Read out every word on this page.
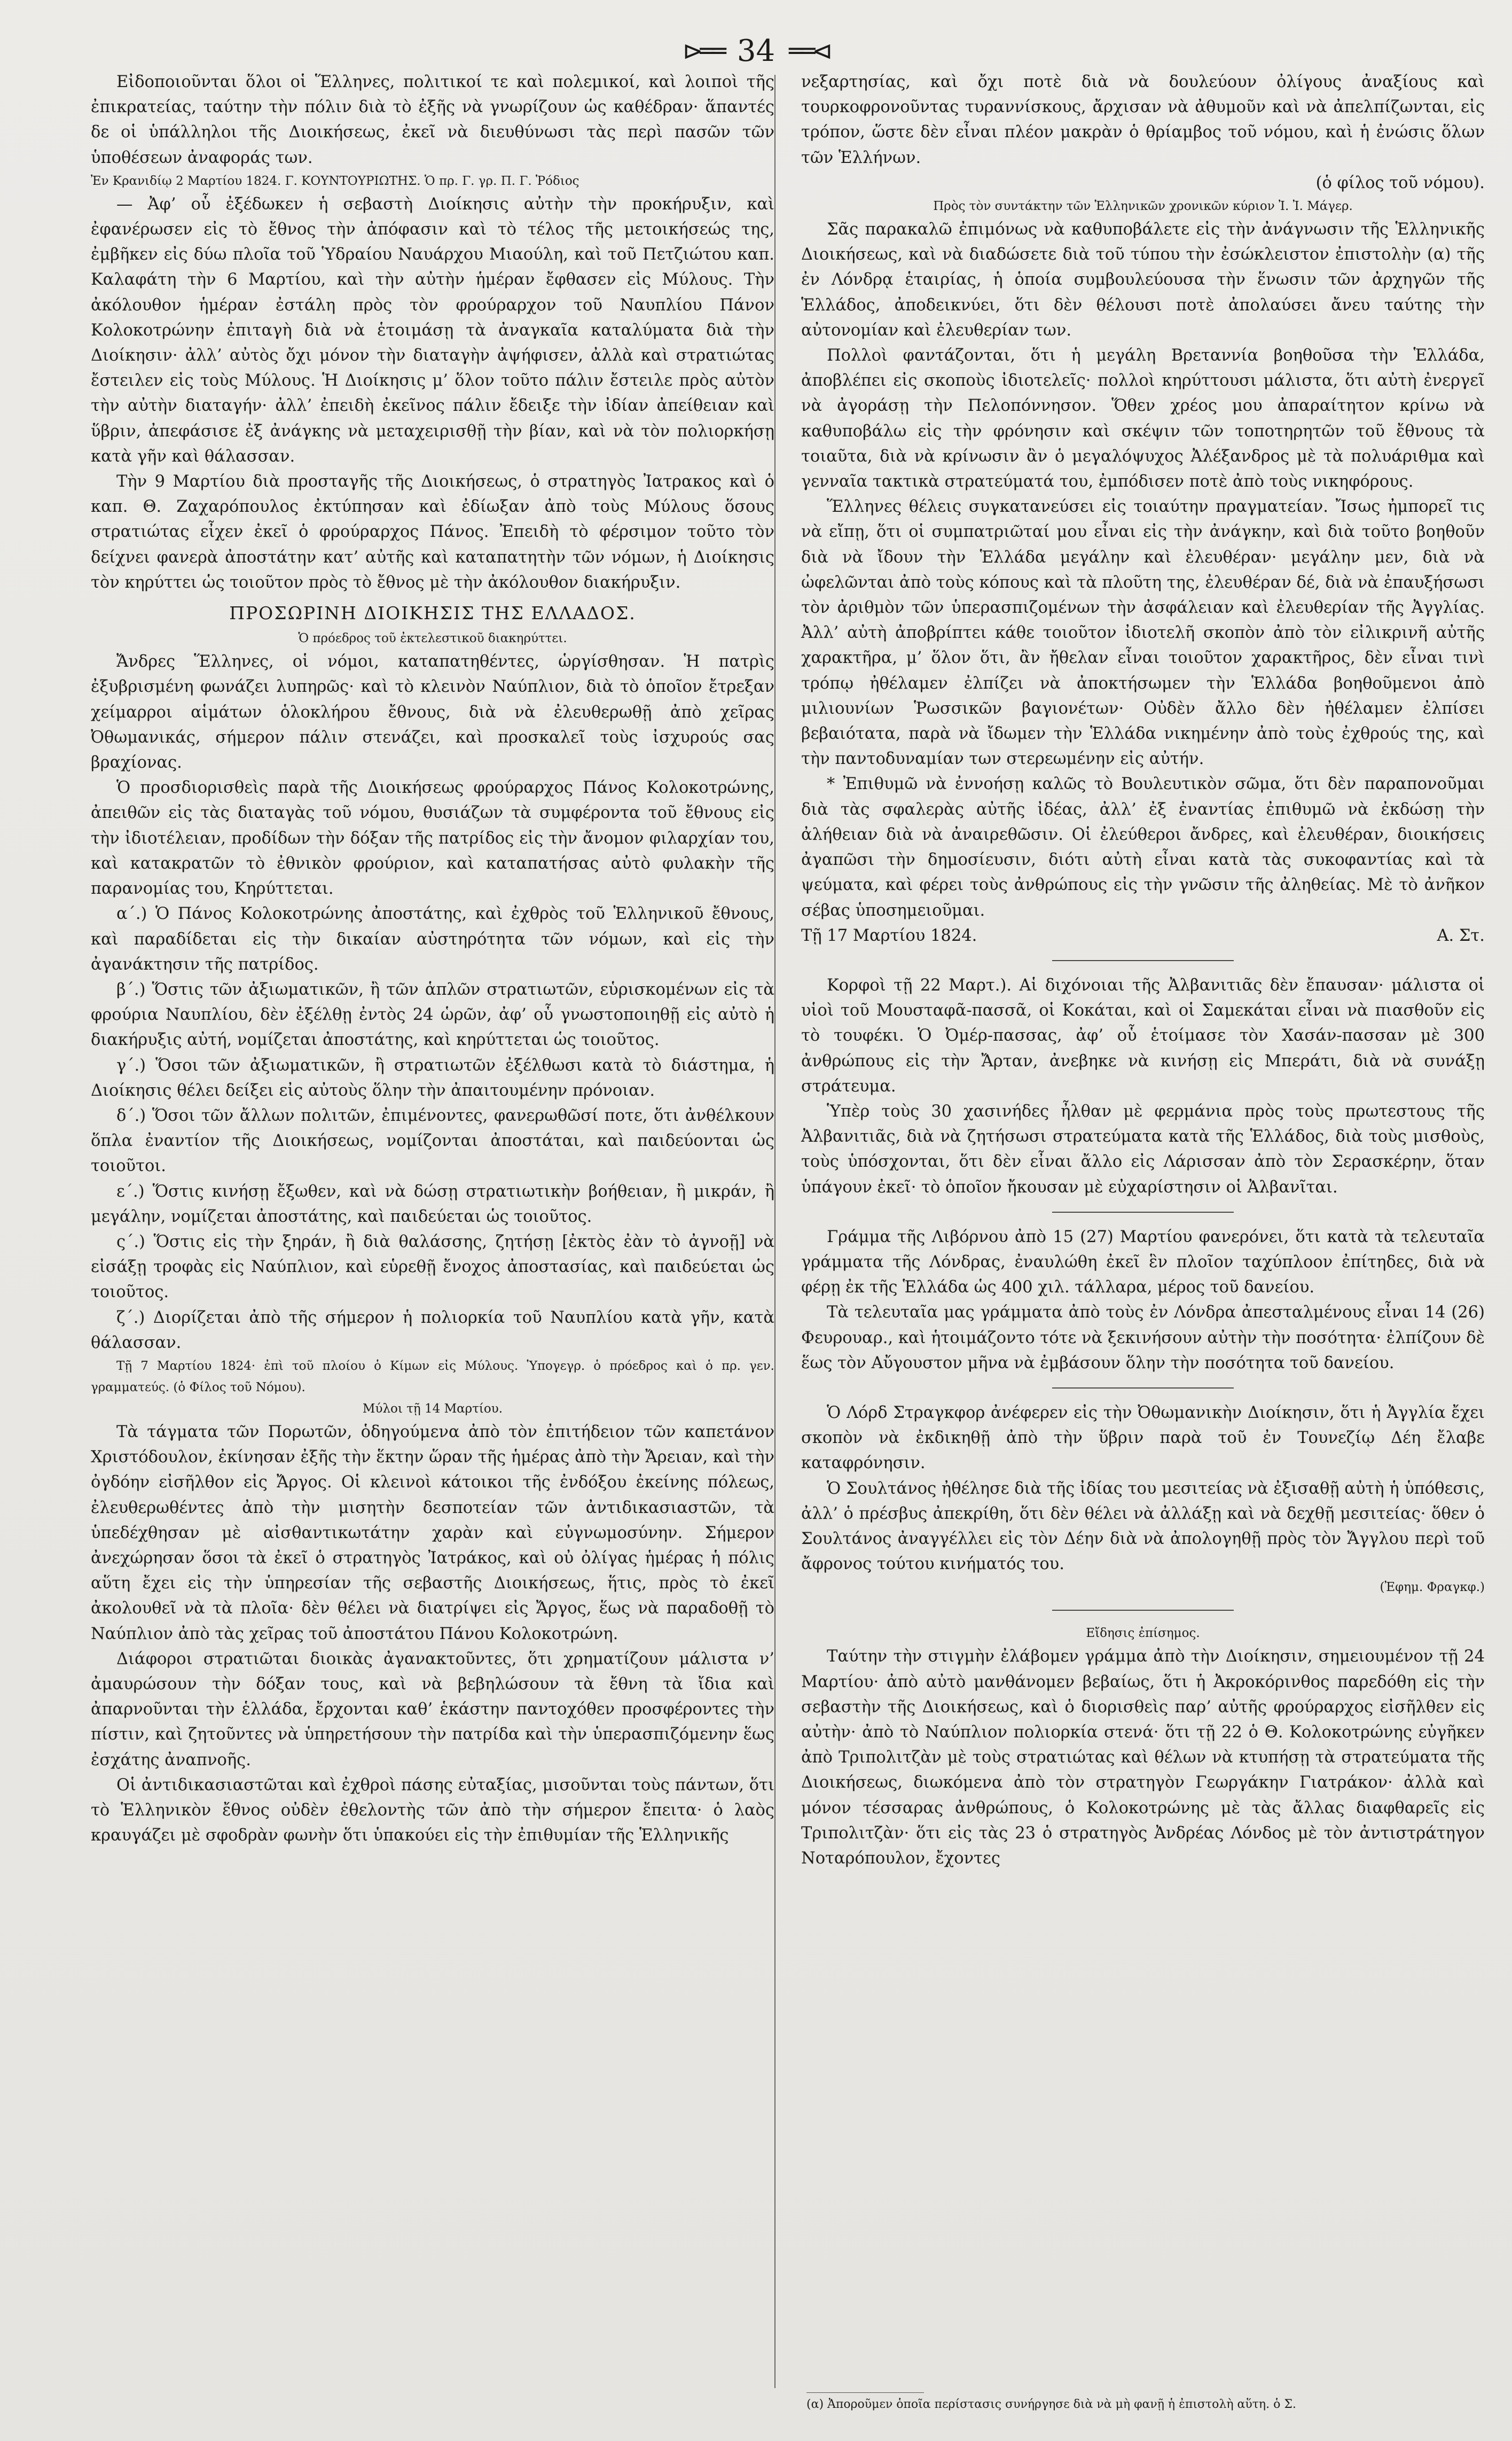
⊳══ 34 ══⊲

Εἰδοποιοῦνται ὅλοι οἱ Ἕλληνες, πολιτικοί τε καὶ πολεμικοί, καὶ λοιποὶ τῆς ἐπικρατείας, ταύτην τὴν πόλιν διὰ τὸ ἐξῆς νὰ γνωρίζουν ὡς καθέδραν· ἅπαντές δε οἱ ὑπάλληλοι τῆς Διοικήσεως, ἐκεῖ νὰ διευθύνωσι τὰς περὶ πασῶν τῶν ὑποθέσεων ἀναφοράς των.

Ἐν Κρανιδίῳ 2 Μαρτίου 1824. Γ. ΚΟΥΝΤΟΥΡΙΩΤΗΣ. Ὁ πρ. Γ. γρ. Π. Γ. Ῥόδιος

— Ἀφ’ οὗ ἐξέδωκεν ἡ σεβαστὴ Διοίκησις αὐτὴν τὴν προκήρυξιν, καὶ ἐφανέρωσεν εἰς τὸ ἔθνος τὴν ἀπόφασιν καὶ τὸ τέλος τῆς μετοικήσεώς της, ἐμβῆκεν εἰς δύω πλοῖα τοῦ Ὑδραίου Ναυάρχου Μιαούλη, καὶ τοῦ Πετζιώτου καπ. Καλαφάτη τὴν 6 Μαρτίου, καὶ τὴν αὐτὴν ἡμέραν ἔφθασεν εἰς Μύλους. Τὴν ἀκόλουθον ἡμέραν ἐστάλη πρὸς τὸν φρούραρχον τοῦ Ναυπλίου Πάνον Κολοκοτρώνην ἐπιταγὴ διὰ νὰ ἑτοιμάσῃ τὰ ἀναγκαῖα καταλύματα διὰ τὴν Διοίκησιν· ἀλλ’ αὐτὸς ὄχι μόνον τὴν διαταγὴν ἀψήφισεν, ἀλλὰ καὶ στρατιώτας ἔστειλεν εἰς τοὺς Μύλους. Ἡ Διοίκησις μ’ ὅλον τοῦτο πάλιν ἔστειλε πρὸς αὐτὸν τὴν αὐτὴν διαταγήν· ἀλλ’ ἐπειδὴ ἐκεῖνος πάλιν ἔδειξε τὴν ἰδίαν ἀπείθειαν καὶ ὕβριν, ἀπεφάσισε ἐξ ἀνάγκης νὰ μεταχειρισθῇ τὴν βίαν, καὶ νὰ τὸν πολιορκήσῃ κατὰ γῆν καὶ θάλασσαν.

Τὴν 9 Μαρτίου διὰ προσταγῆς τῆς Διοικήσεως, ὁ στρατηγὸς Ἰατρακος καὶ ὁ καπ. Θ. Ζαχαρόπουλος ἐκτύπησαν καὶ ἐδίωξαν ἀπὸ τοὺς Μύλους ὅσους στρατιώτας εἶχεν ἐκεῖ ὁ φρούραρχος Πάνος. Ἐπειδὴ τὸ φέρσιμον τοῦτο τὸν δείχνει φανερὰ ἀποστάτην κατ’ αὐτῆς καὶ καταπατητὴν τῶν νόμων, ἡ Διοίκησις τὸν κηρύττει ὡς τοιοῦτον πρὸς τὸ ἔθνος μὲ τὴν ἀκόλουθον διακήρυξιν.

ΠΡΟΣΩΡΙΝΗ ΔΙΟΙΚΗΣΙΣ ΤΗΣ ΕΛΛΑΔΟΣ.

Ὁ πρόεδρος τοῦ ἐκτελεστικοῦ διακηρύττει.

Ἄνδρες Ἕλληνες, οἱ νόμοι, καταπατηθέντες, ὡργίσθησαν. Ἡ πατρὶς ἐξυβρισμένη φωνάζει λυπηρῶς· καὶ τὸ κλεινὸν Ναύπλιον, διὰ τὸ ὁποῖον ἔτρεξαν χείμαρροι αἱμάτων ὁλοκλήρου ἔθνους, διὰ νὰ ἐλευθερωθῇ ἀπὸ χεῖρας Ὀθωμανικάς, σήμερον πάλιν στενάζει, καὶ προσκαλεῖ τοὺς ἰσχυρούς σας βραχίονας.

Ὁ προσδιορισθεὶς παρὰ τῆς Διοικήσεως φρούραρχος Πάνος Κολοκοτρώνης, ἀπειθῶν εἰς τὰς διαταγὰς τοῦ νόμου, θυσιάζων τὰ συμφέροντα τοῦ ἔθνους εἰς τὴν ἰδιοτέλειαν, προδίδων τὴν δόξαν τῆς πατρίδος εἰς τὴν ἄνομον φιλαρχίαν του, καὶ κατακρατῶν τὸ ἐθνικὸν φρούριον, καὶ καταπατήσας αὐτὸ φυλακὴν τῆς παρανομίας του, Κηρύττεται.

α΄.) Ὁ Πάνος Κολοκοτρώνης ἀποστάτης, καὶ ἐχθρὸς τοῦ Ἑλληνικοῦ ἔθνους, καὶ παραδίδεται εἰς τὴν δικαίαν αὐστηρότητα τῶν νόμων, καὶ εἰς τὴν ἀγανάκτησιν τῆς πατρίδος.

β΄.) Ὅστις τῶν ἀξιωματικῶν, ἢ τῶν ἁπλῶν στρατιωτῶν, εὑρισκομένων εἰς τὰ φρούρια Ναυπλίου, δὲν ἐξέλθῃ ἐντὸς 24 ὡρῶν, ἀφ’ οὗ γνωστοποιηθῇ εἰς αὐτὸ ἡ διακήρυξις αὐτή, νομίζεται ἀποστάτης, καὶ κηρύττεται ὡς τοιοῦτος.

γ΄.) Ὅσοι τῶν ἀξιωματικῶν, ἢ στρατιωτῶν ἐξέλθωσι κατὰ τὸ διάστημα, ἡ Διοίκησις θέλει δείξει εἰς αὐτοὺς ὅλην τὴν ἀπαιτουμένην πρόνοιαν.

δ΄.) Ὅσοι τῶν ἄλλων πολιτῶν, ἐπιμένοντες, φανερωθῶσί ποτε, ὅτι ἀνθέλκουν ὅπλα ἐναντίον τῆς Διοικήσεως, νομίζονται ἀποστάται, καὶ παιδεύονται ὡς τοιοῦτοι.

ε΄.) Ὅστις κινήσῃ ἔξωθεν, καὶ νὰ δώσῃ στρατιωτικὴν βοήθειαν, ἢ μικράν, ἢ μεγάλην, νομίζεται ἀποστάτης, καὶ παιδεύεται ὡς τοιοῦτος.

ς΄.) Ὅστις εἰς τὴν ξηράν, ἢ διὰ θαλάσσης, ζητήσῃ [ἐκτὸς ἐὰν τὸ ἀγνοῇ] νὰ εἰσάξῃ τροφὰς εἰς Ναύπλιον, καὶ εὑρεθῇ ἔνοχος ἀποστασίας, καὶ παιδεύεται ὡς τοιοῦτος.

ζ΄.) Διορίζεται ἀπὸ τῆς σήμερον ἡ πολιορκία τοῦ Ναυπλίου κατὰ γῆν, κατὰ θάλασσαν.

Τῇ 7 Μαρτίου 1824· ἐπὶ τοῦ πλοίου ὁ Κίμων εἰς Μύλους. Ὑπογεγρ. ὁ πρόεδρος καὶ ὁ πρ. γεν. γραμματεύς. (ὁ Φίλος τοῦ Νόμου).

Μύλοι τῇ 14 Μαρτίου.

Τὰ τάγματα τῶν Πορωτῶν, ὁδηγούμενα ἀπὸ τὸν ἐπιτήδειον τῶν καπετάνον Χριστόδουλον, ἐκίνησαν ἐξῆς τὴν ἕκτην ὥραν τῆς ἡμέρας ἀπὸ τὴν Ἄρειαν, καὶ τὴν ὀγδόην εἰσῆλθον εἰς Ἄργος. Οἱ κλεινοὶ κάτοικοι τῆς ἐνδόξου ἐκείνης πόλεως, ἐλευθερωθέντες ἀπὸ τὴν μισητὴν δεσποτείαν τῶν ἀντιδικασιαστῶν, τὰ ὑπεδέχθησαν μὲ αἰσθαντικωτάτην χαρὰν καὶ εὐγνωμοσύνην. Σήμερον ἀνεχώρησαν ὅσοι τὰ ἐκεῖ ὁ στρατηγὸς Ἰατράκος, καὶ οὐ ὀλίγας ἡμέρας ἡ πόλις αὕτη ἔχει εἰς τὴν ὑπηρεσίαν τῆς σεβαστῆς Διοικήσεως, ἥτις, πρὸς τὸ ἐκεῖ ἀκολουθεῖ νὰ τὰ πλοῖα· δὲν θέλει νὰ διατρίψει εἰς Ἄργος, ἕως νὰ παραδοθῇ τὸ Ναύπλιον ἀπὸ τὰς χεῖρας τοῦ ἀποστάτου Πάνου Κολοκοτρώνη.

Διάφοροι στρατιῶται διοικὰς ἀγανακτοῦντες, ὅτι χρηματίζουν μάλιστα ν’ ἀμαυρώσουν τὴν δόξαν τους, καὶ νὰ βεβηλώσουν τὰ ἔθνη τὰ ἴδια καὶ ἀπαρνοῦνται τὴν ἑλλάδα, ἔρχονται καθ’ ἑκάστην παντοχόθεν προσφέροντες τὴν πίστιν, καὶ ζητοῦντες νὰ ὑπηρετήσουν τὴν πατρίδα καὶ τὴν ὑπερασπιζόμενην ἕως ἐσχάτης ἀναπνοῆς.

Οἱ ἀντιδικασιαστῶται καὶ ἐχθροὶ πάσης εὐταξίας, μισοῦνται τοὺς πάντων, ὅτι τὸ Ἑλληνικὸν ἔθνος οὐδὲν ἐθελοντὴς τῶν ἀπὸ τὴν σήμερον ἔπειτα· ὁ λαὸς κραυγάζει μὲ σφοδρὰν φωνὴν ὅτι ὑπακούει εἰς τὴν ἐπιθυμίαν τῆς Ἑλληνικῆς

νεξαρτησίας, καὶ ὄχι ποτὲ διὰ νὰ δουλεύουν ὀλίγους ἀναξίους καὶ τουρκοφρονοῦντας τυραννίσκους, ἄρχισαν νὰ ἀθυμοῦν καὶ νὰ ἀπελπίζωνται, εἰς τρόπον, ὥστε δὲν εἶναι πλέον μακρὰν ὁ θρίαμβος τοῦ νόμου, καὶ ἡ ἐνώσις ὅλων τῶν Ἑλλήνων.

(ὁ φίλος τοῦ νόμου).

Πρὸς τὸν συντάκτην τῶν Ἑλληνικῶν χρονικῶν κύριον Ἰ. Ἰ. Μάγερ.

Σᾶς παρακαλῶ ἐπιμόνως νὰ καθυποβάλετε εἰς τὴν ἀνάγνωσιν τῆς Ἑλληνικῆς Διοικήσεως, καὶ νὰ διαδώσετε διὰ τοῦ τύπου τὴν ἐσώκλειστον ἐπιστολὴν (α) τῆς ἐν Λόνδρᾳ ἑταιρίας, ἡ ὁποία συμβουλεύουσα τὴν ἕνωσιν τῶν ἀρχηγῶν τῆς Ἑλλάδος, ἀποδεικνύει, ὅτι δὲν θέλουσι ποτὲ ἀπολαύσει ἄνευ ταύτης τὴν αὐτονομίαν καὶ ἐλευθερίαν των.

Πολλοὶ φαντάζονται, ὅτι ἡ μεγάλη Βρεταννία βοηθοῦσα τὴν Ἑλλάδα, ἀποβλέπει εἰς σκοποὺς ἰδιοτελεῖς· πολλοὶ κηρύττουσι μάλιστα, ὅτι αὐτὴ ἐνεργεῖ νὰ ἀγοράσῃ τὴν Πελοπόννησον. Ὅθεν χρέος μου ἀπαραίτητον κρίνω νὰ καθυποβάλω εἰς τὴν φρόνησιν καὶ σκέψιν τῶν τοποτηρητῶν τοῦ ἔθνους τὰ τοιαῦτα, διὰ νὰ κρίνωσιν ἂν ὁ μεγαλόψυχος Ἀλέξανδρος μὲ τὰ πολυάριθμα καὶ γενναῖα τακτικὰ στρατεύματά του, ἐμπόδισεν ποτὲ ἀπὸ τοὺς νικηφόρους.

Ἕλληνες θέλεις συγκατανεύσει εἰς τοιαύτην πραγματείαν. Ἴσως ἠμπορεῖ τις νὰ εἴπῃ, ὅτι οἱ συμπατριῶταί μου εἶναι εἰς τὴν ἀνάγκην, καὶ διὰ τοῦτο βοηθοῦν διὰ νὰ ἴδουν τὴν Ἑλλάδα μεγάλην καὶ ἐλευθέραν· μεγάλην μεν, διὰ νὰ ὠφελῶνται ἀπὸ τοὺς κόπους καὶ τὰ πλοῦτη της, ἐλευθέραν δέ, διὰ νὰ ἐπαυξήσωσι τὸν ἀριθμὸν τῶν ὑπερασπιζομένων τὴν ἀσφάλειαν καὶ ἐλευθερίαν τῆς Ἀγγλίας. Ἀλλ’ αὐτὴ ἀποβρίπτει κάθε τοιοῦτον ἰδιοτελῆ σκοπὸν ἀπὸ τὸν εἰλικρινῆ αὐτῆς χαρακτῆρα, μ’ ὅλον ὅτι, ἂν ἤθελαν εἶναι τοιοῦτον χαρακτῆρος, δὲν εἶναι τινὶ τρόπῳ ἠθέλαμεν ἐλπίζει νὰ ἀποκτήσωμεν τὴν Ἑλλάδα βοηθοῦμενοι ἀπὸ μιλιουνίων Ῥωσσικῶν βαγιονέτων· Οὐδὲν ἄλλο δὲν ἠθέλαμεν ἐλπίσει βεβαιότατα, παρὰ νὰ ἴδωμεν τὴν Ἑλλάδα νικημένην ἀπὸ τοὺς ἐχθρούς της, καὶ τὴν παντοδυναμίαν των στερεωμένην εἰς αὐτήν.

* Ἐπιθυμῶ νὰ ἐννοήσῃ καλῶς τὸ Βουλευτικὸν σῶμα, ὅτι δὲν παραπονοῦμαι διὰ τὰς σφαλερὰς αὐτῆς ἰδέας, ἀλλ’ ἐξ ἐναντίας ἐπιθυμῶ νὰ ἐκδώσῃ τὴν ἀλήθειαν διὰ νὰ ἀναιρεθῶσιν. Οἱ ἐλεύθεροι ἄνδρες, καὶ ἐλευθέραν, διοικήσεις ἀγαπῶσι τὴν δημοσίευσιν, διότι αὐτὴ εἶναι κατὰ τὰς συκοφαντίας καὶ τὰ ψεύματα, καὶ φέρει τοὺς ἀνθρώπους εἰς τὴν γνῶσιν τῆς ἀληθείας. Μὲ τὸ ἀνῆκον σέβας ὑποσημειοῦμαι.

Τῇ 17 Μαρτίου 1824.	Α. Στ.

Κορφοὶ τῇ 22 Μαρτ.). Αἱ διχόνοιαι τῆς Ἀλβανιτιᾶς δὲν ἔπαυσαν· μάλιστα οἱ υἱοὶ τοῦ Μουσταφᾶ-πασσᾶ, οἱ Κοκάται, καὶ οἱ Σαμεκάται εἶναι νὰ πιασθοῦν εἰς τὸ τουφέκι. Ὁ Ὀμέρ-πασσας, ἀφ’ οὗ ἑτοίμασε τὸν Χασάν-πασσαν μὲ 300 ἀνθρώπους εἰς τὴν Ἄρταν, ἀνεβηκε νὰ κινήσῃ εἰς Μπεράτι, διὰ νὰ συνάξῃ στράτευμα.

Ὑπὲρ τοὺς 30 χασινήδες ἦλθαν μὲ φερμάνια πρὸς τοὺς πρωτεστους τῆς Ἀλβανιτιᾶς, διὰ νὰ ζητήσωσι στρατεύματα κατὰ τῆς Ἑλλάδος, διὰ τοὺς μισθοὺς, τοὺς ὑπόσχονται, ὅτι δὲν εἶναι ἄλλο εἰς Λάρισσαν ἀπὸ τὸν Σερασκέρην, ὅταν ὑπάγουν ἐκεῖ· τὸ ὁποῖον ἤκουσαν μὲ εὐχαρίστησιν οἱ Ἀλβανῖται.

Γράμμα τῆς Λιβόρνου ἀπὸ 15 (27) Μαρτίου φανερόνει, ὅτι κατὰ τὰ τελευταῖα γράμματα τῆς Λόνδρας, ἐναυλώθη ἐκεῖ ἓν πλοῖον ταχύπλοον ἐπίτηδες, διὰ νὰ φέρῃ ἐκ τῆς Ἑλλάδα ὡς 400 χιλ. τάλλαρα, μέρος τοῦ δανείου.

Τὰ τελευταῖα μας γράμματα ἀπὸ τοὺς ἐν Λόνδρα ἀπεσταλμένους εἶναι 14 (26) Φευρουαρ., καὶ ἡτοιμάζοντο τότε νὰ ξεκινήσουν αὐτὴν τὴν ποσότητα· ἐλπίζουν δὲ ἕως τὸν Αὔγουστον μῆνα νὰ ἐμβάσουν ὅλην τὴν ποσότητα τοῦ δανείου.

Ὁ Λόρδ Στραγκφορ ἀνέφερεν εἰς τὴν Ὀθωμανικὴν Διοίκησιν, ὅτι ἡ Ἀγγλία ἔχει σκοπὸν νὰ ἐκδικηθῇ ἀπὸ τὴν ὕβριν παρὰ τοῦ ἐν Τουνεζίῳ Δέη ἔλαβε καταφρόνησιν.

Ὁ Σουλτάνος ἠθέλησε διὰ τῆς ἰδίας του μεσιτείας νὰ ἐξισαθῇ αὐτὴ ἡ ὑπόθεσις, ἀλλ’ ὁ πρέσβυς ἀπεκρίθη, ὅτι δὲν θέλει νὰ ἀλλάξῃ καὶ νὰ δεχθῇ μεσιτείας· ὅθεν ὁ Σουλτάνος ἀναγγέλλει εἰς τὸν Δέην διὰ νὰ ἀπολογηθῇ πρὸς τὸν Ἄγγλου περὶ τοῦ ἄφρονος τούτου κινήματός του.

(Ἐφημ. Φραγκφ.)

Εἴδησις ἐπίσημος.

Ταύτην τὴν στιγμὴν ἐλάβομεν γράμμα ἀπὸ τὴν Διοίκησιν, σημειουμένον τῇ 24 Μαρτίου· ἀπὸ αὐτὸ μανθάνομεν βεβαίως, ὅτι ἡ Ἀκροκόρινθος παρεδόθη εἰς τὴν σεβαστὴν τῆς Διοικήσεως, καὶ ὁ διορισθεὶς παρ’ αὐτῆς φρούραρχος εἰσῆλθεν εἰς αὐτὴν· ἀπὸ τὸ Ναύπλιον πολιορκία στενά· ὅτι τῇ 22 ὁ Θ. Κολοκοτρώνης εὐγῆκεν ἀπὸ Τριπολιτζὰν μὲ τοὺς στρατιώτας καὶ θέλων νὰ κτυπήσῃ τὰ στρατεύματα τῆς Διοικήσεως, διωκόμενα ἀπὸ τὸν στρατηγὸν Γεωργάκην Γιατράκον· ἀλλὰ καὶ μόνον τέσσαρας ἀνθρώπους, ὁ Κολοκοτρώνης μὲ τὰς ἄλλας διαφθαρεῖς εἰς Τριπολιτζὰν· ὅτι εἰς τὰς 23 ὁ στρατηγὸς Ἀνδρέας Λόνδος μὲ τὸν ἀντιστράτηγον Νοταρόπουλον, ἔχοντες

(α) Ἀποροῦμεν ὁποῖα περίστασις συνήργησε διὰ νὰ μὴ φανῇ ἡ ἐπιστολὴ αὕτη. ὁ Σ.
